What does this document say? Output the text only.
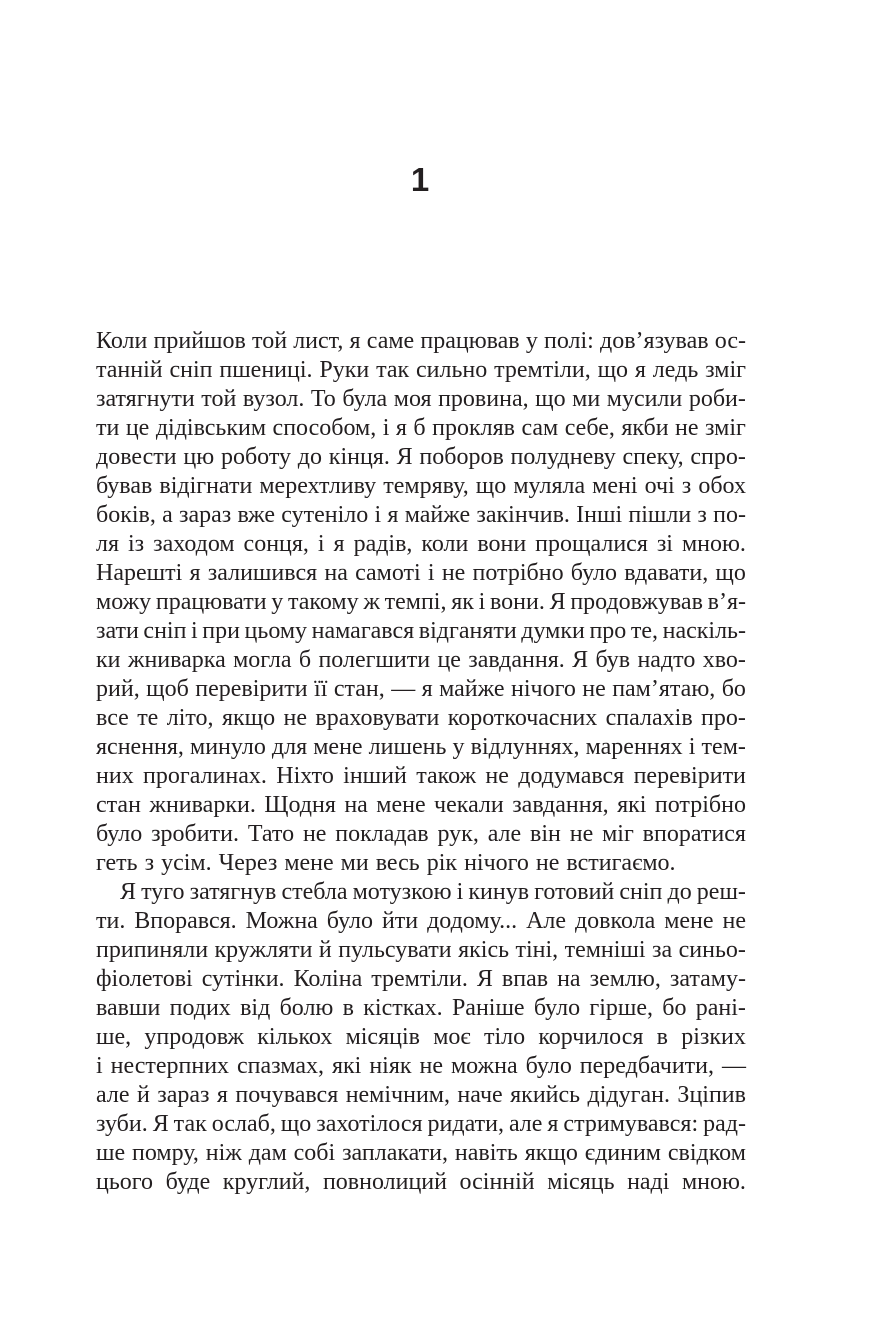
1
Коли прийшов той лист, я саме працював у полі: дов’язував ос-
танній сніп пшениці. Руки так сильно тремтіли, що я ледь зміг
затягнути той вузол. То була моя провина, що ми мусили роби-
ти це дідівським способом, і я б прокляв сам себе, якби не зміг
довести цю роботу до кінця. Я поборов полудневу спеку, спро-
бував відігнати мерехтливу темряву, що муляла мені очі з обох
боків, а зараз вже сутеніло і я майже закінчив. Інші пішли з по-
ля із заходом сонця, і я радів, коли вони прощалися зі мною.
Нарешті я залишився на самоті і не потрібно було вдавати, що
можу працювати у такому ж темпі, як і вони. Я продовжував в’я-
зати сніп і при цьому намагався відганяти думки про те, наскіль-
ки жниварка могла б полегшити це завдання. Я був надто хво-
рий, щоб перевірити її стан, — я майже нічого не пам’ятаю, бо
все те літо, якщо не враховувати короткочасних спалахів про-
яснення, минуло для мене лишень у відлуннях, мареннях і тем-
них прогалинах. Ніхто інший також не додумався перевірити
стан жниварки. Щодня на мене чекали завдання, які потрібно
було зробити. Тато не покладав рук, але він не міг впоратися
геть з усім. Через мене ми весь рік нічого не встигаємо.
Я туго затягнув стебла мотузкою і кинув готовий сніп до реш-
ти. Впорався. Можна було йти додому... Але довкола мене не
припиняли кружляти й пульсувати якісь тіні, темніші за синьо-
фіолетові сутінки. Коліна тремтіли. Я впав на землю, затаму-
вавши подих від болю в кістках. Раніше було гірше, бо рані-
ше, упродовж кількох місяців моє тіло корчилося в різких
і нестерпних спазмах, які ніяк не можна було передбачити, —
але й зараз я почувався немічним, наче якийсь дідуган. Зціпив
зуби. Я так ослаб, що захотілося ридати, але я стримувався: рад-
ше помру, ніж дам собі заплакати, навіть якщо єдиним свідком
цього буде круглий, повнолиций осінній місяць наді мною.
